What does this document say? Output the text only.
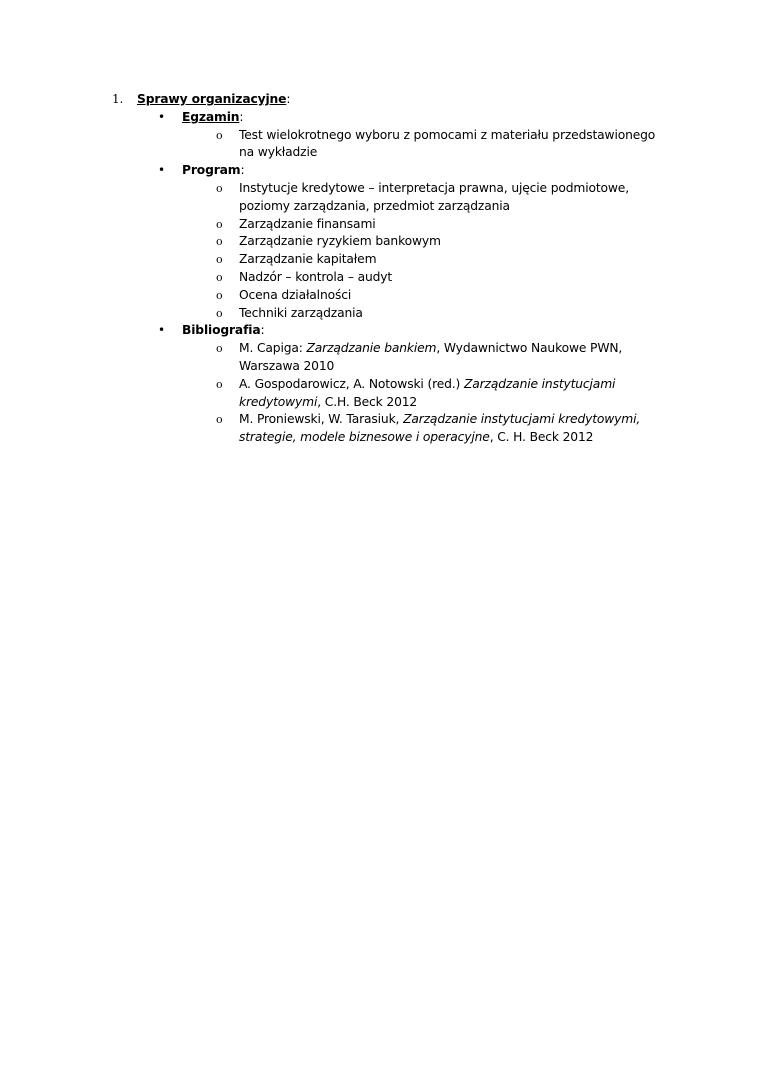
1. Sprawy organizacyjne:
• Egzamin:
o Test wielokrotnego wyboru z pomocami z materiału przedstawionego na wykładzie
• Program:
o Instytucje kredytowe – interpretacja prawna, ujęcie podmiotowe, poziomy zarządzania, przedmiot zarządzania
o Zarządzanie finansami
o Zarządzanie ryzykiem bankowym
o Zarządzanie kapitałem
o Nadzór – kontrola – audyt
o Ocena działalności
o Techniki zarządzania
• Bibliografia:
o M. Capiga: Zarządzanie bankiem, Wydawnictwo Naukowe PWN, Warszawa 2010
o A. Gospodarowicz, A. Notowski (red.) Zarządzanie instytucjami kredytowymi, C.H. Beck 2012
o M. Proniewski, W. Tarasiuk, Zarządzanie instytucjami kredytowymi, strategie, modele biznesowe i operacyjne, C. H. Beck 2012
